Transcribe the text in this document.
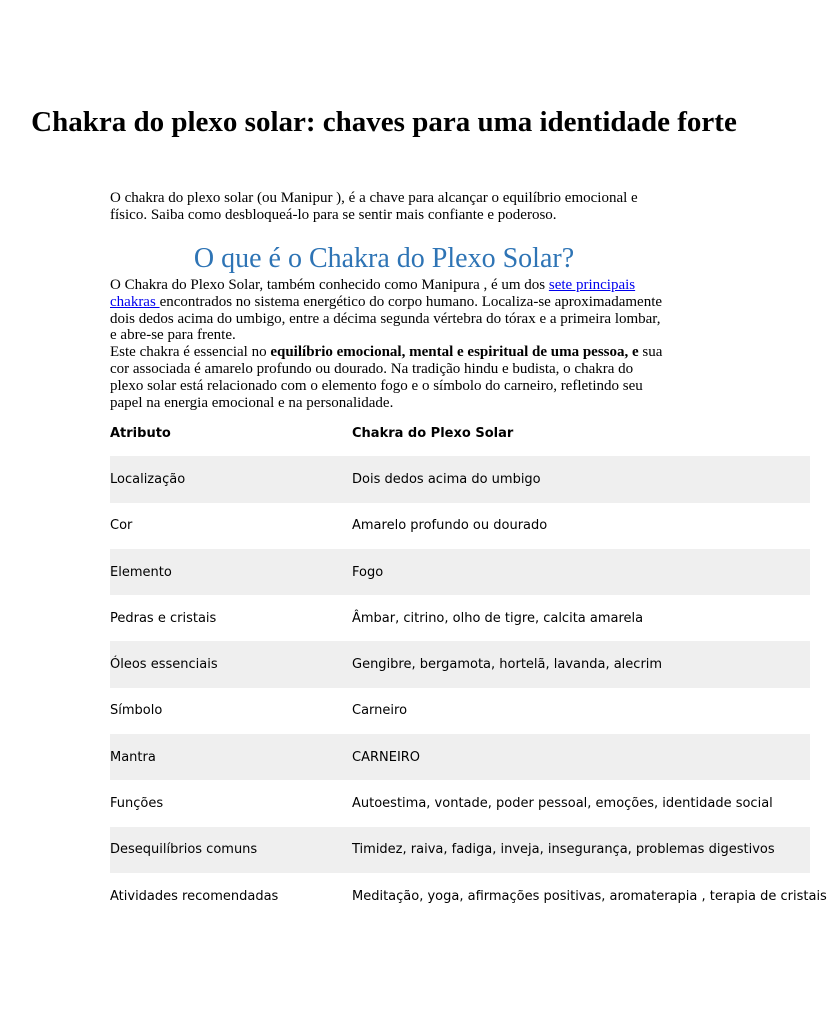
Chakra do plexo solar: chaves para uma identidade forte

O chakra do plexo solar (ou Manipur ), é a chave para alcançar o equilíbrio emocional e físico. Saiba como desbloqueá-lo para se sentir mais confiante e poderoso.

O que é o Chakra do Plexo Solar?

O Chakra do Plexo Solar, também conhecido como Manipura , é um dos sete principais chakras encontrados no sistema energético do corpo humano. Localiza-se aproximadamente dois dedos acima do umbigo, entre a décima segunda vértebra do tórax e a primeira lombar, e abre-se para frente.

Este chakra é essencial no equilíbrio emocional, mental e espiritual de uma pessoa, e sua cor associada é amarelo profundo ou dourado. Na tradição hindu e budista, o chakra do plexo solar está relacionado com o elemento fogo e o símbolo do carneiro, refletindo seu papel na energia emocional e na personalidade.

Atributo	Chakra do Plexo Solar
Localização	Dois dedos acima do umbigo
Cor	Amarelo profundo ou dourado
Elemento	Fogo
Pedras e cristais	Âmbar, citrino, olho de tigre, calcita amarela
Óleos essenciais	Gengibre, bergamota, hortelã, lavanda, alecrim
Símbolo	Carneiro
Mantra	CARNEIRO
Funções	Autoestima, vontade, poder pessoal, emoções, identidade social
Desequilíbrios comuns	Timidez, raiva, fadiga, inveja, insegurança, problemas digestivos
Atividades recomendadas	Meditação, yoga, afirmações positivas, aromaterapia , terapia de cristais
